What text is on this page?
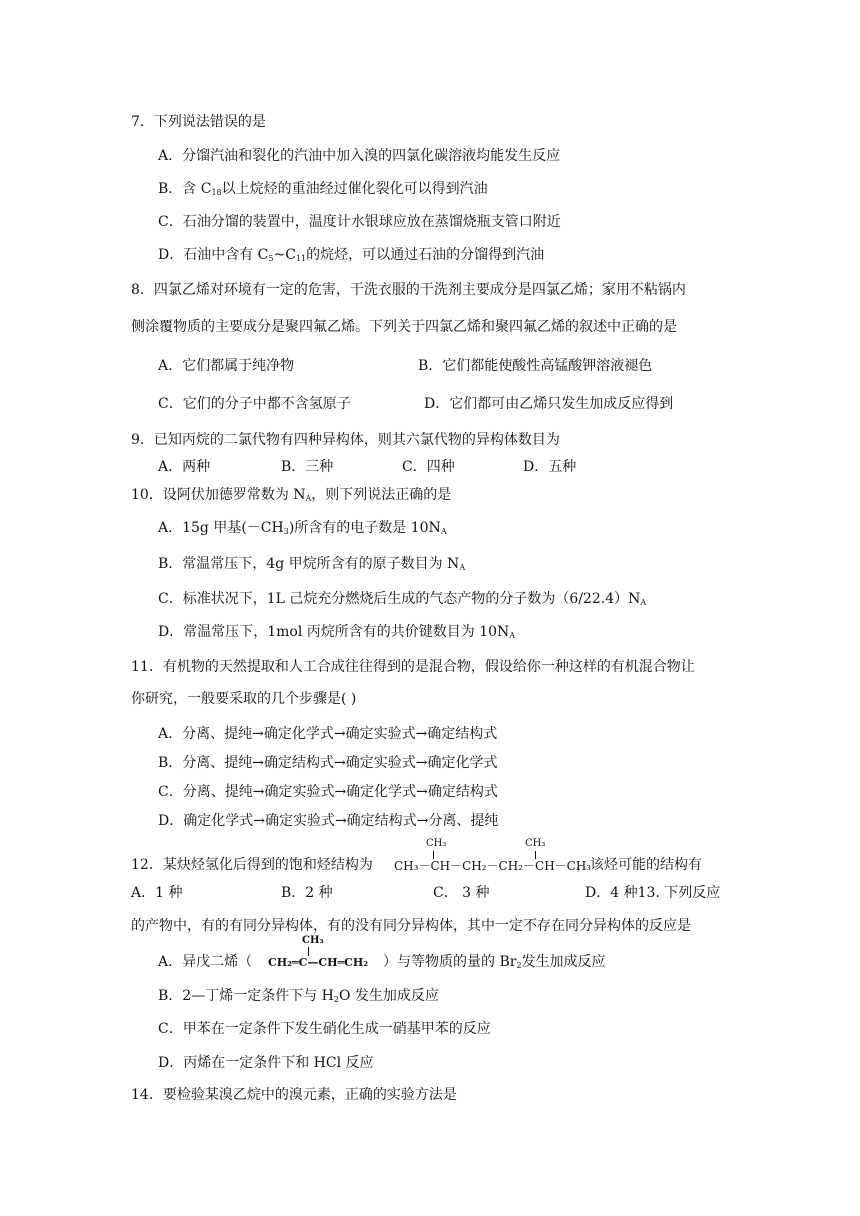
7．下列说法错误的是
A．分馏汽油和裂化的汽油中加入溴的四氯化碳溶液均能发生反应
B．含 $C_{18}$以上烷烃的重油经过催化裂化可以得到汽油
C．石油分馏的装置中，温度计水银球应放在蒸馏烧瓶支管口附近
D．石油中含有 $C_5\sim C_{11}$的烷烃，可以通过石油的分馏得到汽油
8．四氯乙烯对环境有一定的危害，干洗衣服的干洗剂主要成分是四氯乙烯；家用不粘锅内
侧涂覆物质的主要成分是聚四氟乙烯。下列关于四氯乙烯和聚四氟乙烯的叙述中正确的是
A．它们都属于纯净物	B．它们都能使酸性高锰酸钾溶液褪色
C．它们的分子中都不含氢原子	D．它们都可由乙烯只发生加成反应得到
9．已知丙烷的二氯代物有四种异构体，则其六氯代物的异构体数目为
A．两种	B．三种	C．四种	D．五种
10．设阿伏加德罗常数为 $N_A$，则下列说法正确的是
A．15g 甲基$(-CH_3)$所含有的电子数是 $10N_A$
B．常温常压下，4g 甲烷所含有的原子数目为 $N_A$
C．标准状况下，1L 己烷充分燃烧后生成的气态产物的分子数为$(6/22.4)N_A$
D．常温常压下，1mol 丙烷所含有的共价键数目为 $10N_A$
11．有机物的天然提取和人工合成往往得到的是混合物，假设给你一种这样的有机混合物让
你研究，一般要采取的几个步骤是( )
A．分离、提纯→确定化学式→确定实验式→确定结构式
B．分离、提纯→确定结构式→确定实验式→确定化学式
C．分离、提纯→确定实验式→确定化学式→确定结构式
D．确定化学式→确定实验式→确定结构式→分离、提纯
12．某炔烃氢化后得到的饱和烃结构为
CH₃	CH₃
CH₃－CH－CH₂－CH₂－CH－CH₃
，该烃可能的结构有
A．1 种	B．2 种	C． 3 种	D．4 种13. 下列反应
的产物中，有的有同分异构体，有的没有同分异构体，其中一定不存在同分异构体的反应是
A．异戊二烯（
CH₃
CH₂═C—CH═CH₂ ）与等物质的量的 $Br_2$发生加成反应
B．2—丁烯一定条件下与 $H_2O$ 发生加成反应
C．甲苯在一定条件下发生硝化生成一硝基甲苯的反应
D．丙烯在一定条件下和 HCl 反应
14．要检验某溴乙烷中的溴元素，正确的实验方法是
